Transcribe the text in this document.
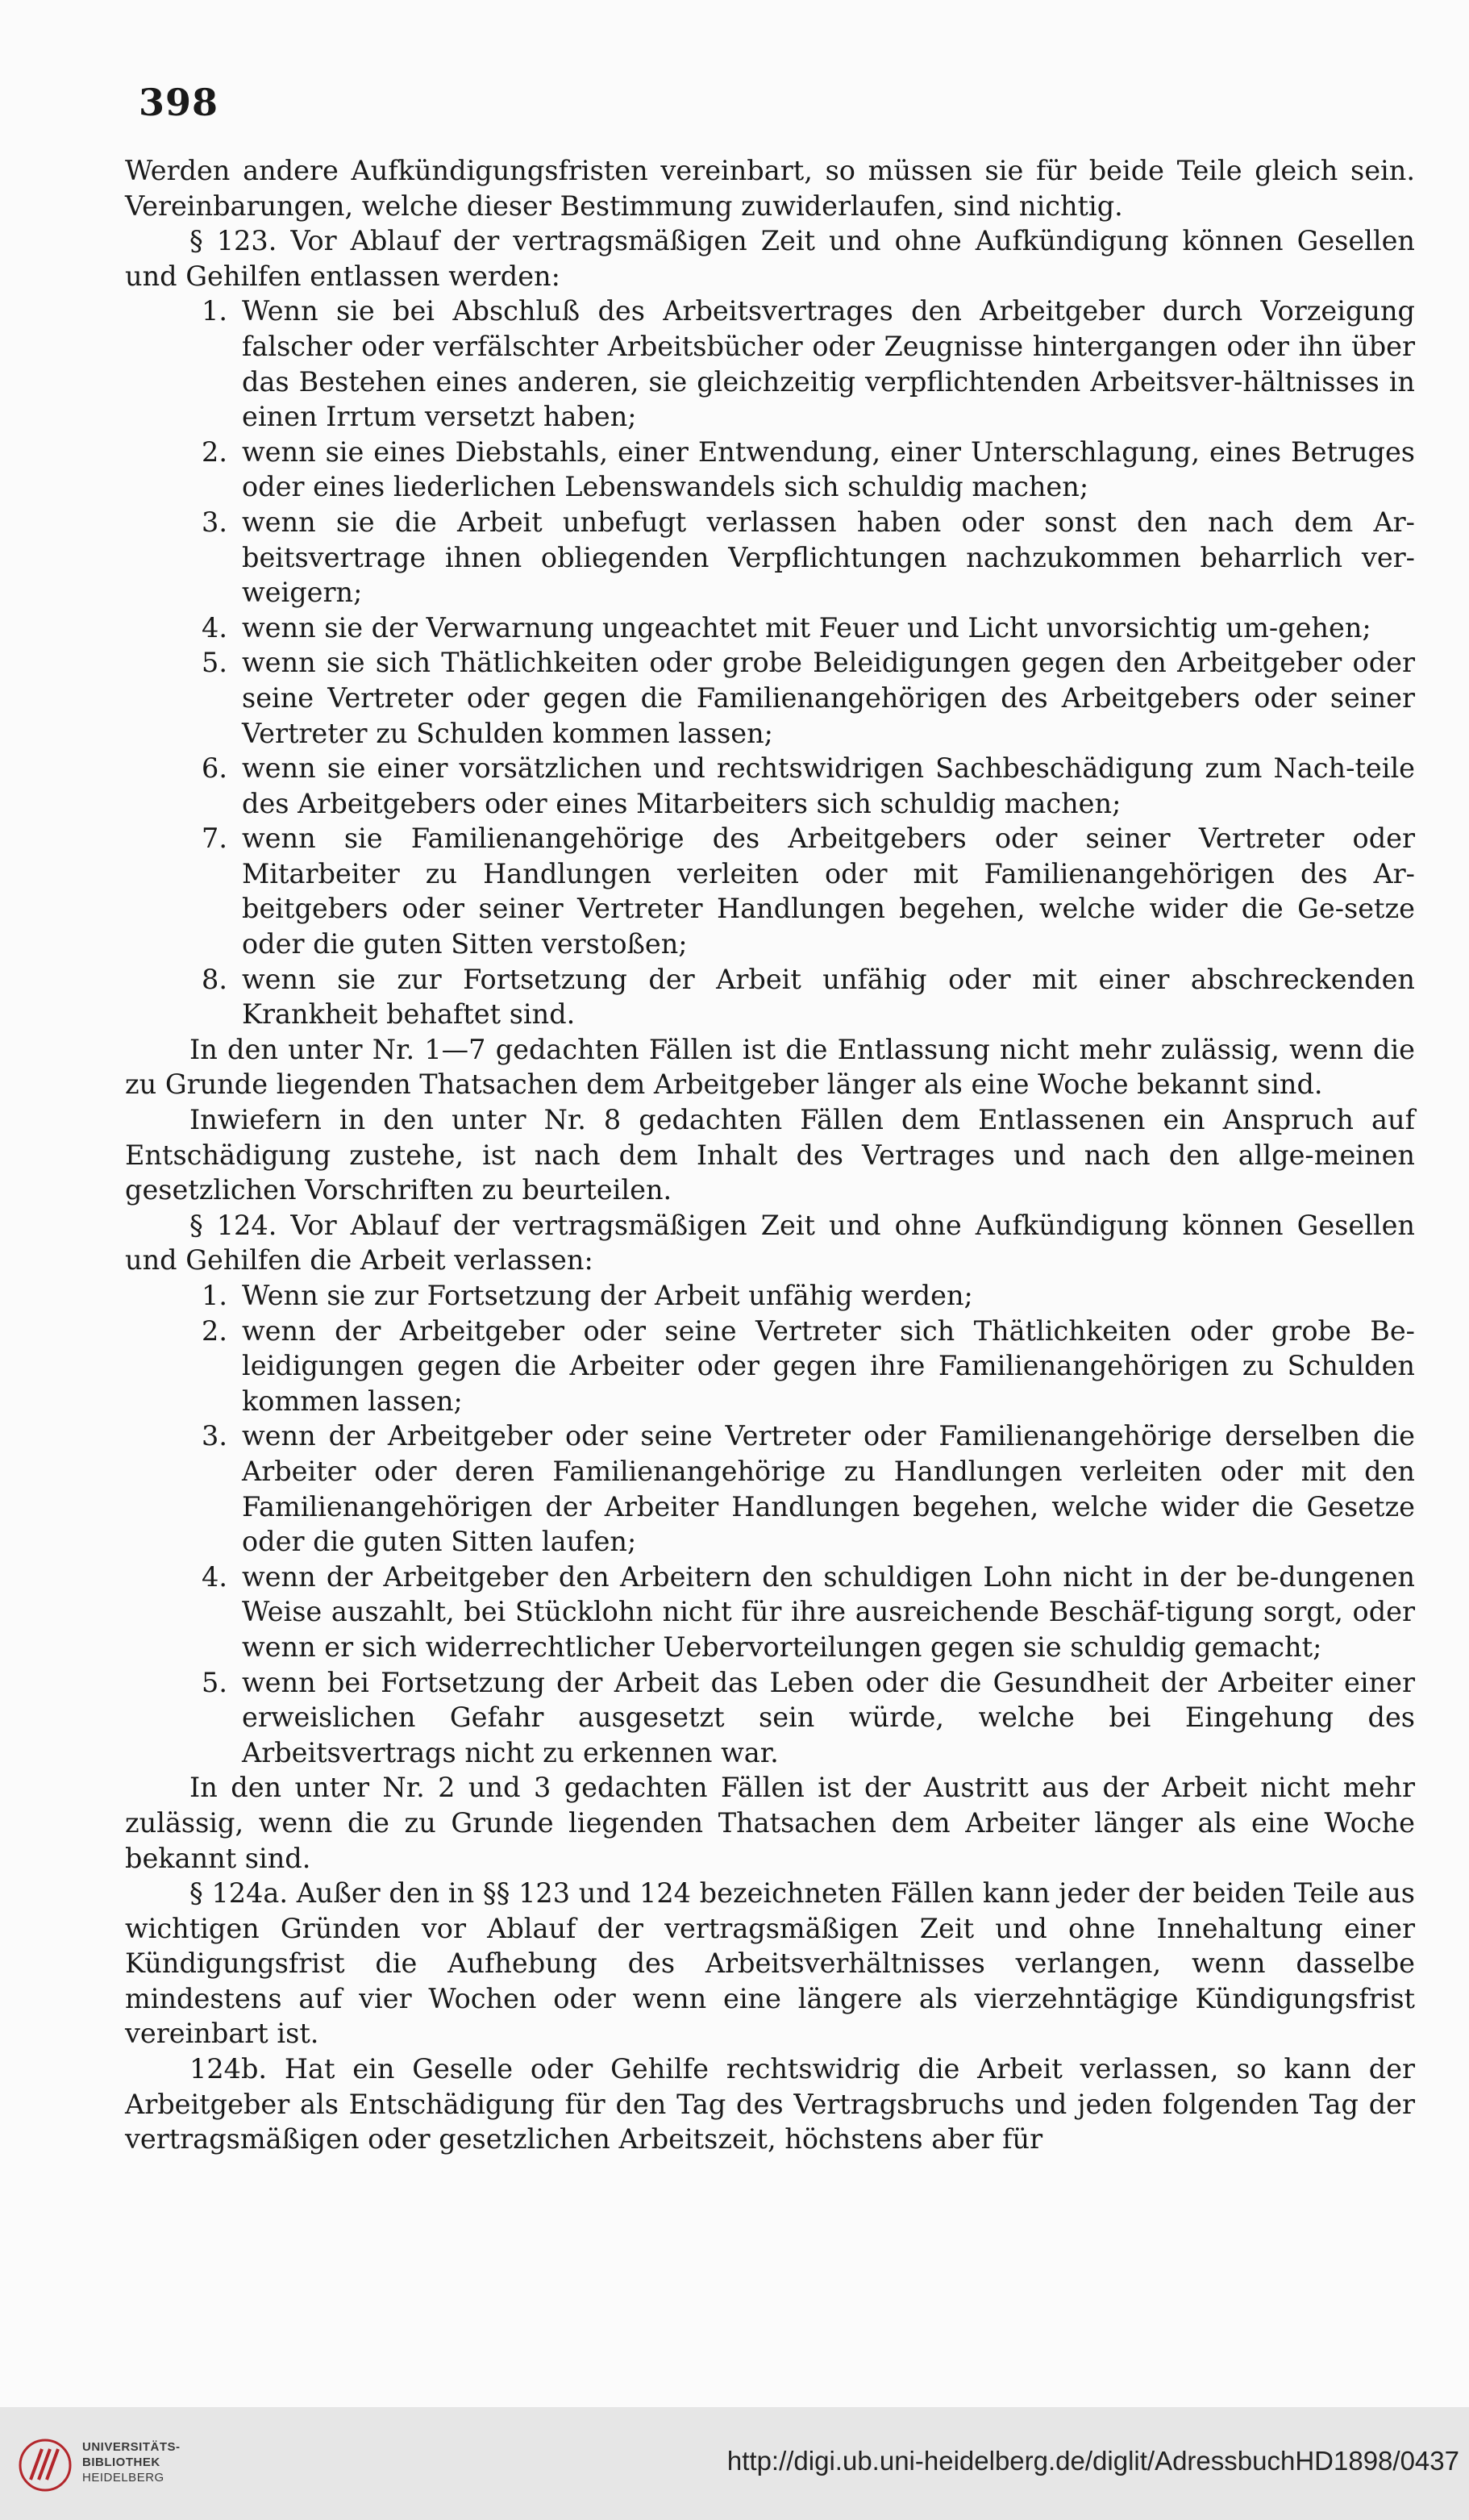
398

Werden andere Aufkündigungsfristen vereinbart, so müssen sie für beide Teile gleich sein. Vereinbarungen, welche dieser Bestimmung zuwiderlaufen, sind nichtig.

§ 123. Vor Ablauf der vertragsmäßigen Zeit und ohne Aufkündigung können Gesellen und Gehilfen entlassen werden:

1. Wenn sie bei Abschluß des Arbeitsvertrages den Arbeitgeber durch Vorzeigung falscher oder verfälschter Arbeitsbücher oder Zeugnisse hintergangen oder ihn über das Bestehen eines anderen, sie gleichzeitig verpflichtenden Arbeitsver-hältnisses in einen Irrtum versetzt haben;
2. wenn sie eines Diebstahls, einer Entwendung, einer Unterschlagung, eines Betruges oder eines liederlichen Lebenswandels sich schuldig machen;
3. wenn sie die Arbeit unbefugt verlassen haben oder sonst den nach dem Ar-beitsvertrage ihnen obliegenden Verpflichtungen nachzukommen beharrlich ver-weigern;
4. wenn sie der Verwarnung ungeachtet mit Feuer und Licht unvorsichtig um-gehen;
5. wenn sie sich Thätlichkeiten oder grobe Beleidigungen gegen den Arbeitgeber oder seine Vertreter oder gegen die Familienangehörigen des Arbeitgebers oder seiner Vertreter zu Schulden kommen lassen;
6. wenn sie einer vorsätzlichen und rechtswidrigen Sachbeschädigung zum Nach-teile des Arbeitgebers oder eines Mitarbeiters sich schuldig machen;
7. wenn sie Familienangehörige des Arbeitgebers oder seiner Vertreter oder Mitarbeiter zu Handlungen verleiten oder mit Familienangehörigen des Ar-beitgebers oder seiner Vertreter Handlungen begehen, welche wider die Ge-setze oder die guten Sitten verstoßen;
8. wenn sie zur Fortsetzung der Arbeit unfähig oder mit einer abschreckenden Krankheit behaftet sind.

In den unter Nr. 1—7 gedachten Fällen ist die Entlassung nicht mehr zulässig, wenn die zu Grunde liegenden Thatsachen dem Arbeitgeber länger als eine Woche bekannt sind.

Inwiefern in den unter Nr. 8 gedachten Fällen dem Entlassenen ein Anspruch auf Entschädigung zustehe, ist nach dem Inhalt des Vertrages und nach den allge-meinen gesetzlichen Vorschriften zu beurteilen.

§ 124. Vor Ablauf der vertragsmäßigen Zeit und ohne Aufkündigung können Gesellen und Gehilfen die Arbeit verlassen:

1. Wenn sie zur Fortsetzung der Arbeit unfähig werden;
2. wenn der Arbeitgeber oder seine Vertreter sich Thätlichkeiten oder grobe Be-leidigungen gegen die Arbeiter oder gegen ihre Familienangehörigen zu Schulden kommen lassen;
3. wenn der Arbeitgeber oder seine Vertreter oder Familienangehörige derselben die Arbeiter oder deren Familienangehörige zu Handlungen verleiten oder mit den Familienangehörigen der Arbeiter Handlungen begehen, welche wider die Gesetze oder die guten Sitten laufen;
4. wenn der Arbeitgeber den Arbeitern den schuldigen Lohn nicht in der be-dungenen Weise auszahlt, bei Stücklohn nicht für ihre ausreichende Beschäf-tigung sorgt, oder wenn er sich widerrechtlicher Uebervorteilungen gegen sie schuldig gemacht;
5. wenn bei Fortsetzung der Arbeit das Leben oder die Gesundheit der Arbeiter einer erweislichen Gefahr ausgesetzt sein würde, welche bei Eingehung des Arbeitsvertrags nicht zu erkennen war.

In den unter Nr. 2 und 3 gedachten Fällen ist der Austritt aus der Arbeit nicht mehr zulässig, wenn die zu Grunde liegenden Thatsachen dem Arbeiter länger als eine Woche bekannt sind.

§ 124a. Außer den in §§ 123 und 124 bezeichneten Fällen kann jeder der beiden Teile aus wichtigen Gründen vor Ablauf der vertragsmäßigen Zeit und ohne Innehaltung einer Kündigungsfrist die Aufhebung des Arbeitsverhältnisses verlangen, wenn dasselbe mindestens auf vier Wochen oder wenn eine längere als vierzehntägige Kündigungsfrist vereinbart ist.

124b. Hat ein Geselle oder Gehilfe rechtswidrig die Arbeit verlassen, so kann der Arbeitgeber als Entschädigung für den Tag des Vertragsbruchs und jeden folgenden Tag der vertragsmäßigen oder gesetzlichen Arbeitszeit, höchstens aber für

UNIVERSITÄTS-
BIBLIOTHEK
HEIDELBERG
http://digi.ub.uni-heidelberg.de/diglit/AdressbuchHD1898/0437
